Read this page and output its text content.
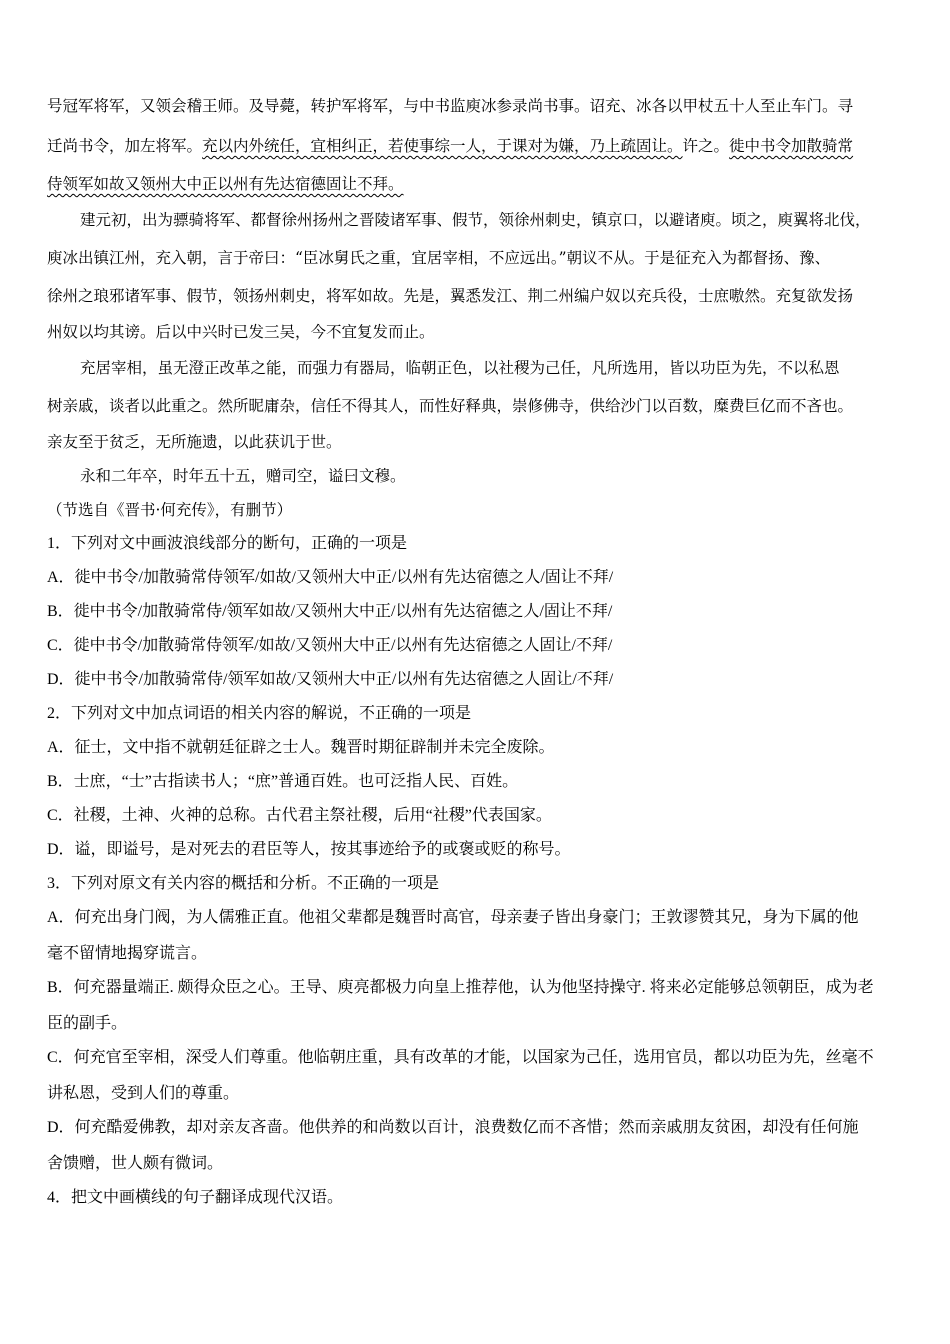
号冠军将军，又领会稽王师。及导薨，转护军将军，与中书监庾冰参录尚书事。诏充、冰各以甲杖五十人至止车门。寻
迁尚书令，加左将军。充以内外统任，宜相纠正，若使事综一人，于课对为嫌，乃上疏固让。许之。徙中书令加散骑常
侍领军如故又领州大中正以州有先达宿德固让不拜。
建元初，出为骠骑将军、都督徐州扬州之晋陵诸军事、假节，领徐州刺史，镇京口，以避诸庾。顷之，庾翼将北伐，
庾冰出镇江州，充入朝，言于帝曰：“臣冰舅氏之重，宜居宰相，不应远出。”朝议不从。于是征充入为都督扬、豫、
徐州之琅邪诸军事、假节，领扬州刺史，将军如故。先是，翼悉发江、荆二州编户奴以充兵役，士庶嗷然。充复欲发扬
州奴以均其谤。后以中兴时已发三吴，今不宜复发而止。
充居宰相，虽无澄正改革之能，而强力有器局，临朝正色，以社稷为己任，凡所选用，皆以功臣为先，不以私恩
树亲戚，谈者以此重之。然所昵庸杂，信任不得其人，而性好释典，崇修佛寺，供给沙门以百数，糜费巨亿而不吝也。
亲友至于贫乏，无所施遗，以此获讥于世。
永和二年卒，时年五十五，赠司空，谥曰文穆。
（节选自《晋书·何充传》，有删节）
1．下列对文中画波浪线部分的断句，正确的一项是
A．徙中书令/加散骑常侍领军/如故/又领州大中正/以州有先达宿德之人/固让不拜/
B．徙中书令/加散骑常侍/领军如故/又领州大中正/以州有先达宿德之人/固让不拜/
C．徙中书令/加散骑常侍领军/如故/又领州大中正/以州有先达宿德之人固让/不拜/
D．徙中书令/加散骑常侍/领军如故/又领州大中正/以州有先达宿德之人固让/不拜/
2．下列对文中加点词语的相关内容的解说，不正确的一项是
A．征士，文中指不就朝廷征辟之士人。魏晋时期征辟制并未完全废除。
B．士庶，“士”古指读书人；“庶”普通百姓。也可泛指人民、百姓。
C．社稷，土神、火神的总称。古代君主祭社稷，后用“社稷”代表国家。
D．谥，即谥号，是对死去的君臣等人，按其事迹给予的或褒或贬的称号。
3．下列对原文有关内容的概括和分析。不正确的一项是
A．何充出身门阀，为人儒雅正直。他祖父辈都是魏晋时高官，母亲妻子皆出身豪门；王敦谬赞其兄，身为下属的他
毫不留情地揭穿谎言。
B．何充器量端正. 颇得众臣之心。王导、庾亮都极力向皇上推荐他，认为他坚持操守. 将来必定能够总领朝臣，成为老
臣的副手。
C．何充官至宰相，深受人们尊重。他临朝庄重，具有改革的才能，以国家为己任，选用官员，都以功臣为先，丝毫不
讲私恩，受到人们的尊重。
D．何充酷爱佛教，却对亲友吝啬。他供养的和尚数以百计，浪费数亿而不吝惜；然而亲戚朋友贫困，却没有任何施
舍馈赠，世人颇有微词。
4．把文中画横线的句子翻译成现代汉语。
